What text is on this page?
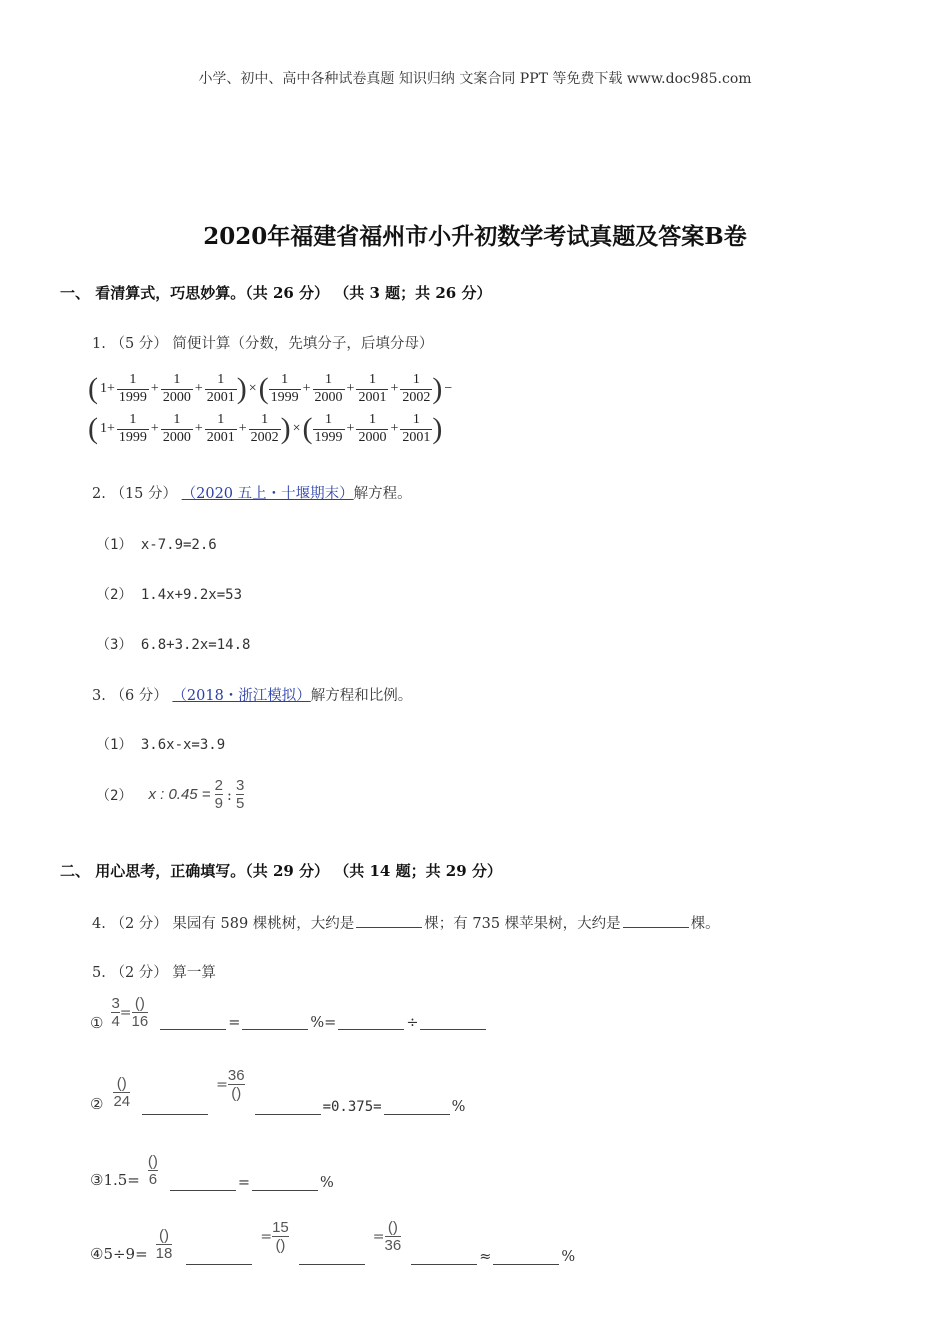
小学、初中、高中各种试卷真题 知识归纳 文案合同 PPT 等免费下载 www.doc985.com
2020年福建省福州市小升初数学考试真题及答案B卷
一、 看清算式，巧思妙算。（共 26 分） （共 3 题；共 26 分）
1. （5 分） 简便计算（分数，先填分子，后填分母）
( $1+ \frac{1}{1999} + \frac{1}{2000} + \frac{1}{2001}$ ) × ( $\frac{1}{1999} + \frac{1}{2000} + \frac{1}{2001} + \frac{1}{2002}$ ) −
( $1+ \frac{1}{1999} + \frac{1}{2000} + \frac{1}{2001} + \frac{1}{2002}$ ) × ( $\frac{1}{1999} + \frac{1}{2000} + \frac{1}{2001}$ )
2. （15 分） （2020 五上・十堰期末）解方程。
（1） x-7.9=2.6
（2） 1.4x+9.2x=53
（3） 6.8+3.2x=14.8
3. （6 分） （2018・浙江模拟）解方程和比例。
（1） 3.6x-x=3.9
（2） x : $0.45 = \frac{2}{9}$ : $\frac{3}{5}$
二、 用心思考，正确填写。（共 29 分） （共 14 题；共 29 分）
4. （2 分） 果园有 589 棵桃树，大约是	棵；有 735 棵苹果树，大约是	棵。
5. （2 分） 算一算
① $\frac{3}{4} = \frac{()}{16}$	=	%=	÷
② $\frac{()}{24}$	= $\frac{36}{()}$
=0.375=	%
③1.5= $\frac{()}{6}$	=	%
④5÷9= $\frac{()}{18}$	= $\frac{15}{()}$	= $\frac{()}{36}$
≈	%
